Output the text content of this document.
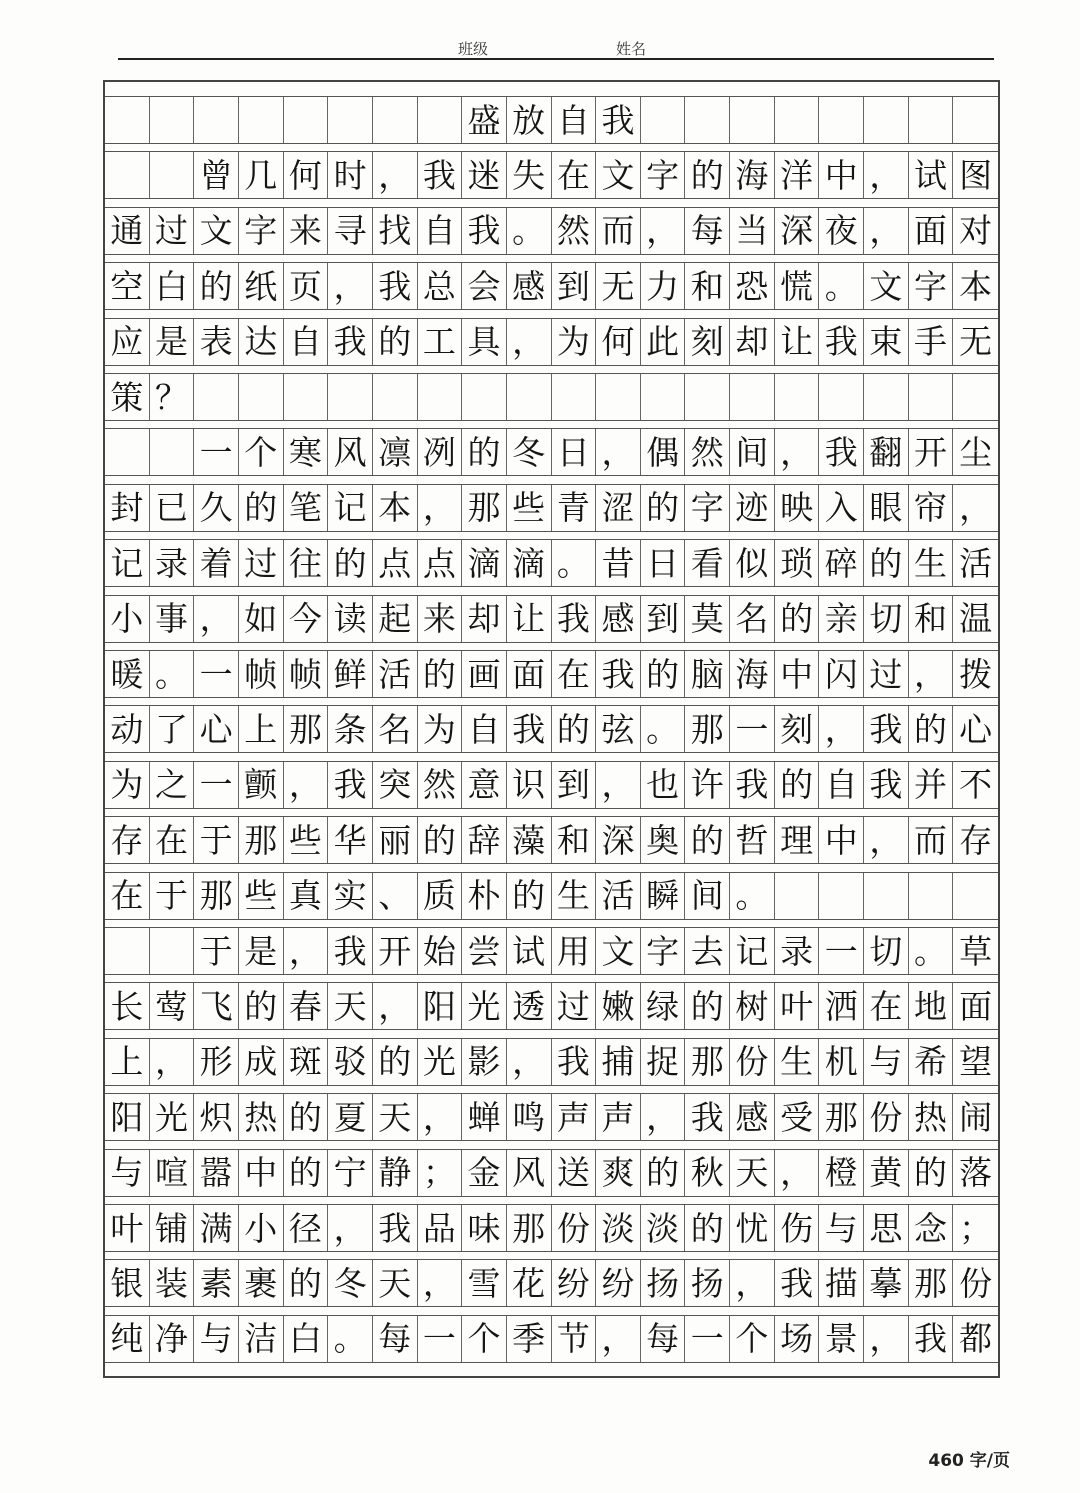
班级	姓名
盛 放 自 我
曾 几 何 时 ， 我 迷 失 在 文 字 的 海 洋 中 ， 试 图
通 过 文 字 来 寻 找 自 我 。 然 而 ， 每 当 深 夜 ， 面 对
空 白 的 纸 页 ， 我 总 会 感 到 无 力 和 恐 慌 。 文 字 本
应 是 表 达 自 我 的 工 具 ， 为 何 此 刻 却 让 我 束 手 无
策 ？
一 个 寒 风 凛 冽 的 冬 日 ， 偶 然 间 ， 我 翻 开 尘
封 已 久 的 笔 记 本 ， 那 些 青 涩 的 字 迹 映 入 眼 帘 ，
记 录 着 过 往 的 点 点 滴 滴 。 昔 日 看 似 琐 碎 的 生 活
小 事 ， 如 今 读 起 来 却 让 我 感 到 莫 名 的 亲 切 和 温
暖 。 一 帧 帧 鲜 活 的 画 面 在 我 的 脑 海 中 闪 过 ， 拨
动 了 心 上 那 条 名 为 自 我 的 弦 。 那 一 刻 ， 我 的 心
为 之 一 颤 ， 我 突 然 意 识 到 ， 也 许 我 的 自 我 并 不
存 在 于 那 些 华 丽 的 辞 藻 和 深 奥 的 哲 理 中 ， 而 存
在 于 那 些 真 实 、 质 朴 的 生 活 瞬 间 。
于 是 ， 我 开 始 尝 试 用 文 字 去 记 录 一 切 。 草
长 莺 飞 的 春 天 ， 阳 光 透 过 嫩 绿 的 树 叶 洒 在 地 面
上 ， 形 成 斑 驳 的 光 影 ， 我 捕 捉 那 份 生 机 与 希 望
阳 光 炽 热 的 夏 天 ， 蝉 鸣 声 声 ， 我 感 受 那 份 热 闹
与 喧 嚣 中 的 宁 静 ； 金 风 送 爽 的 秋 天 ， 橙 黄 的 落
叶 铺 满 小 径 ， 我 品 味 那 份 淡 淡 的 忧 伤 与 思 念 ；
银 装 素 裹 的 冬 天 ， 雪 花 纷 纷 扬 扬 ， 我 描 摹 那 份
纯 净 与 洁 白 。 每 一 个 季 节 ， 每 一 个 场 景 ， 我 都
460 字/页
